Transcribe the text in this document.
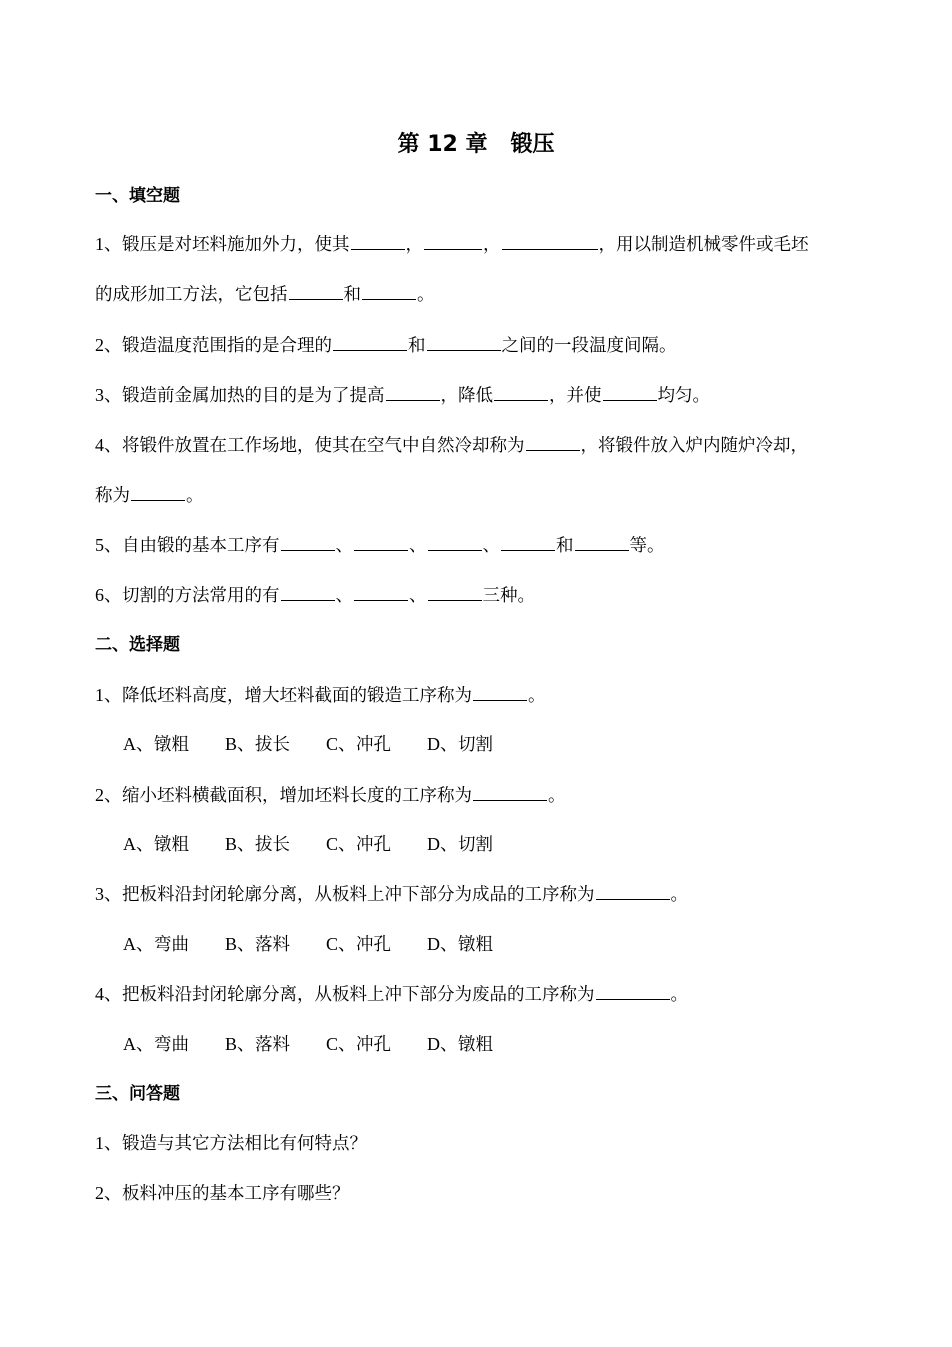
第 12 章   锻压
一、填空题
1、锻压是对坯料施加外力，使其	，	，	，用以制造机械零件或毛坯
的成形加工方法，它包括	和	。
2、锻造温度范围指的是合理的	和	之间的一段温度间隔。
3、锻造前金属加热的目的是为了提高	，降低	，并使	均匀。
4、将锻件放置在工作场地，使其在空气中自然冷却称为	，将锻件放入炉内随炉冷却，
称为	。
5、自由锻的基本工序有	、	、	、	和	等。
6、切割的方法常用的有	、	、	三种。
二、选择题
1、降低坯料高度，增大坯料截面的锻造工序称为	。
A、镦粗 B、拔长 C、冲孔 D、切割
2、缩小坯料横截面积，增加坯料长度的工序称为	。
A、镦粗 B、拔长 C、冲孔 D、切割
3、把板料沿封闭轮廓分离，从板料上冲下部分为成品的工序称为	。
A、弯曲 B、落料 C、冲孔 D、镦粗
4、把板料沿封闭轮廓分离，从板料上冲下部分为废品的工序称为	。
A、弯曲 B、落料 C、冲孔 D、镦粗
三、问答题
1、锻造与其它方法相比有何特点？
2、板料冲压的基本工序有哪些？
